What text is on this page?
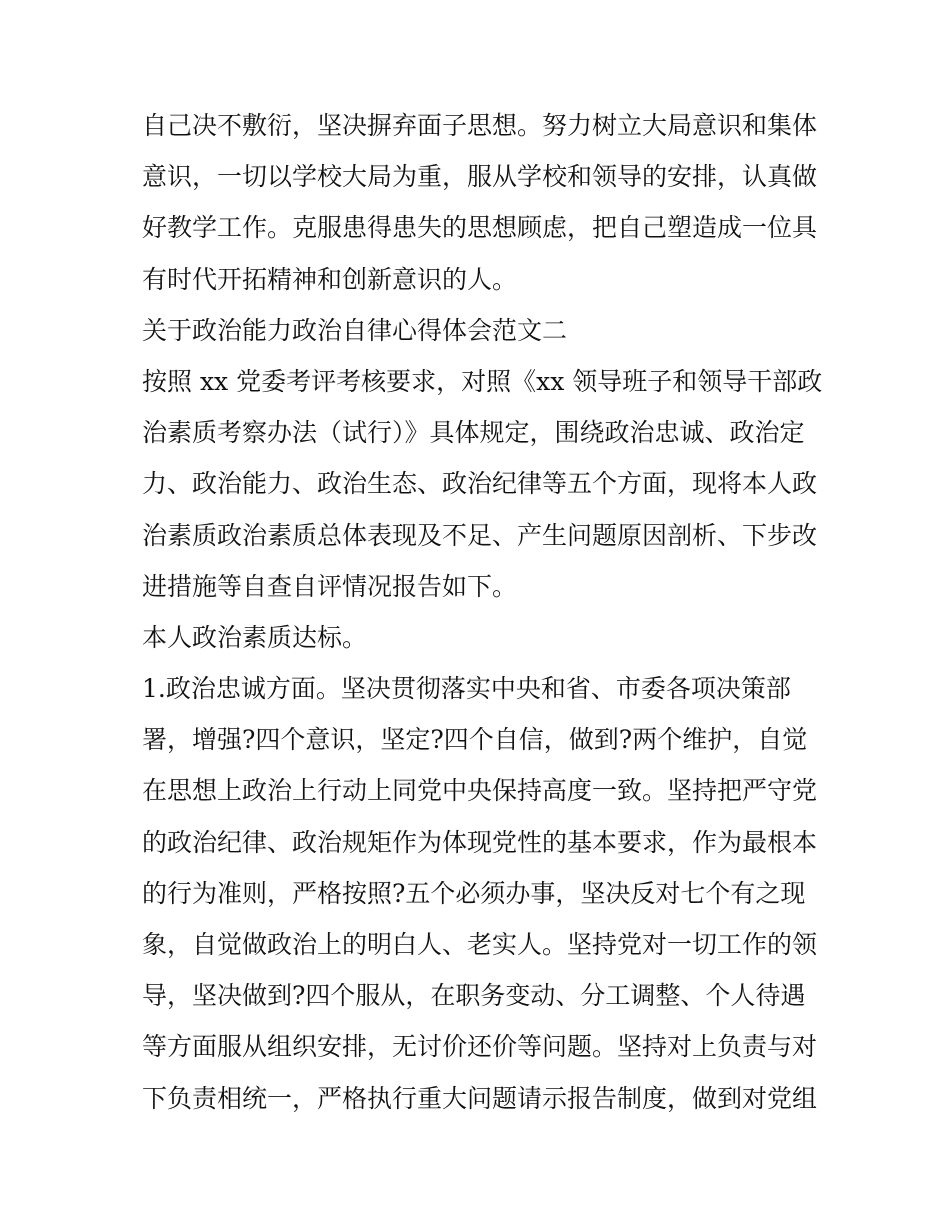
自己决不敷衍，坚决摒弃面子思想。努力树立大局意识和集体
意识，一切以学校大局为重，服从学校和领导的安排，认真做
好教学工作。克服患得患失的思想顾虑，把自己塑造成一位具
有时代开拓精神和创新意识的人。
关于政治能力政治自律心得体会范文二
按照 xx 党委考评考核要求，对照《xx 领导班子和领导干部政
治素质考察办法（试行）》具体规定，围绕政治忠诚、政治定
力、政治能力、政治生态、政治纪律等五个方面，现将本人政
治素质政治素质总体表现及不足、产生问题原因剖析、下步改
进措施等自查自评情况报告如下。
本人政治素质达标。
1.政治忠诚方面。坚决贯彻落实中央和省、市委各项决策部
署，增强?四个意识，坚定?四个自信，做到?两个维护，自觉
在思想上政治上行动上同党中央保持高度一致。坚持把严守党
的政治纪律、政治规矩作为体现党性的基本要求，作为最根本
的行为准则，严格按照?五个必须办事，坚决反对七个有之现
象，自觉做政治上的明白人、老实人。坚持党对一切工作的领
导，坚决做到?四个服从，在职务变动、分工调整、个人待遇
等方面服从组织安排，无讨价还价等问题。坚持对上负责与对
下负责相统一，严格执行重大问题请示报告制度，做到对党组
